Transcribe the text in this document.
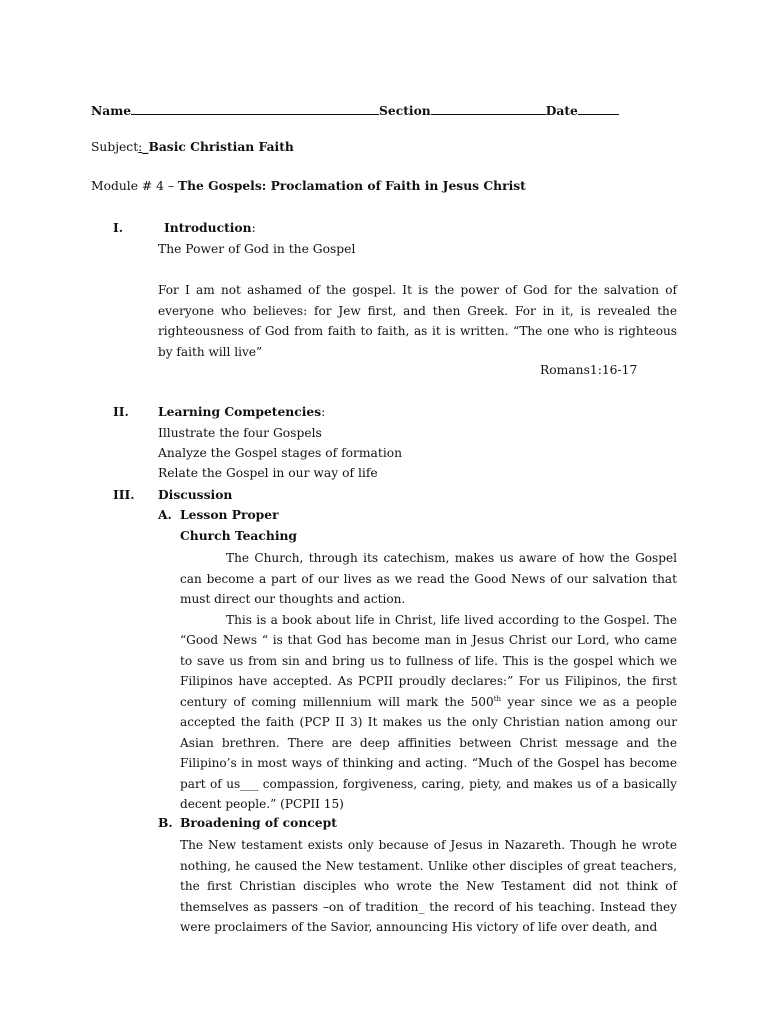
Name	Section	Date
Subject:_Basic Christian Faith
Module # 4 – The Gospels: Proclamation of Faith in Jesus Christ
I.	Introduction:
The Power of God in the Gospel
For I am not ashamed of the gospel. It is the power of God for the salvation of everyone who believes: for Jew first, and then Greek. For in it, is revealed the righteousness of God from faith to faith, as it is written. “The one who is righteous by faith will live”
Romans1:16-17
II. Learning Competencies:
Illustrate the four Gospels
Analyze the Gospel stages of formation
Relate the Gospel in our way of life
III. Discussion
A. Lesson Proper
Church Teaching

The Church, through its catechism, makes us aware of how the Gospel can become a part of our lives as we read the Good News of our salvation that must direct our thoughts and action.

This is a book about life in Christ, life lived according to the Gospel. The “Good News “ is that God has become man in Jesus Christ our Lord, who came to save us from sin and bring us to fullness of life. This is the gospel which we Filipinos have accepted. As PCPII proudly declares:” For us Filipinos, the first century of coming millennium will mark the 500th year since we as a people accepted the faith (PCP II 3) It makes us the only Christian nation among our Asian brethren. There are deep affinities between Christ message and the Filipino’s in most ways of thinking and acting. “Much of the Gospel has become part of us___ compassion, forgiveness, caring, piety, and makes us of a basically decent people.” (PCPII 15)

B. Broadening of concept
The New testament exists only because of Jesus in Nazareth. Though he wrote nothing, he caused the New testament. Unlike other disciples of great teachers, the first Christian disciples who wrote the New Testament did not think of themselves as passers –on of tradition_ the record of his teaching. Instead they were proclaimers of the Savior, announcing His victory of life over death, and
